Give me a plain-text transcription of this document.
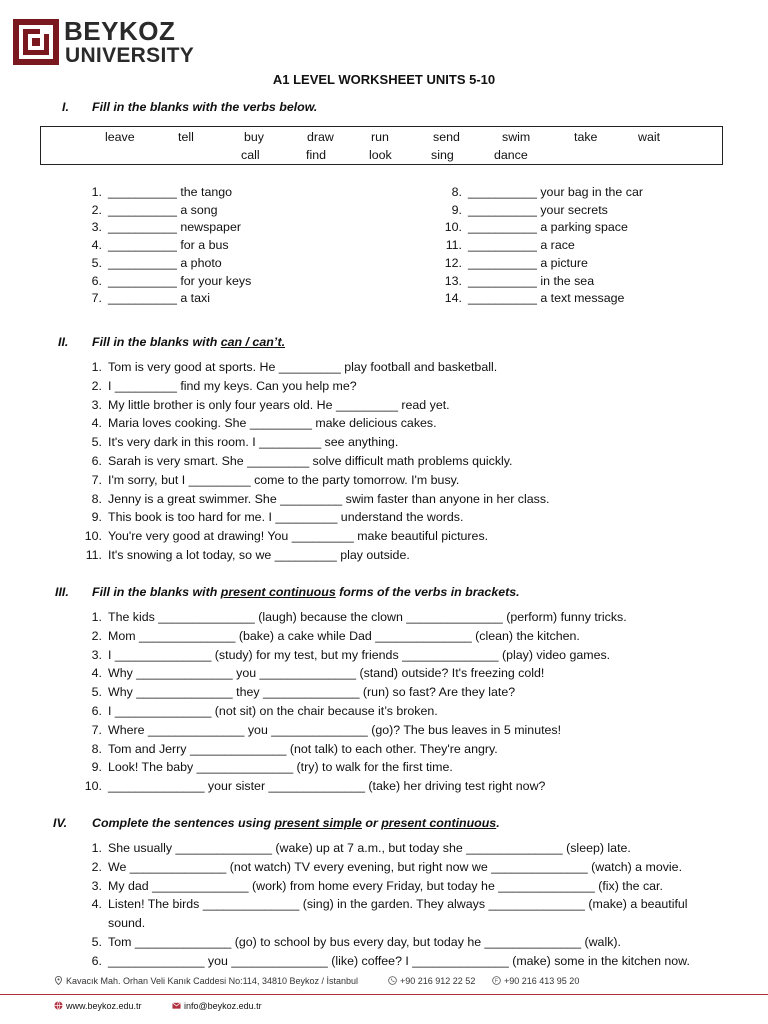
BEYKOZ
UNIVERSITY
A1 LEVEL WORKSHEET UNITS 5-10
I. Fill in the blanks with the verbs below.
leave	tell	buy	draw	run	send	swim	take	wait
call	find	look	sing	dance
1. __________ the tango
2. __________ a song
3. __________ newspaper
4. __________ for a bus
5. __________ a photo
6. __________ for your keys
7. __________ a taxi
8. __________ your bag in the car
9. __________ your secrets
10. __________ a parking space
11. __________ a race
12. __________ a picture
13. __________ in the sea
14. __________ a text message
II. Fill in the blanks with can / can’t.
1. Tom is very good at sports. He _________ play football and basketball.
2. I _________ find my keys. Can you help me?
3. My little brother is only four years old. He _________ read yet.
4. Maria loves cooking. She _________ make delicious cakes.
5. It's very dark in this room. I _________ see anything.
6. Sarah is very smart. She _________ solve difficult math problems quickly.
7. I'm sorry, but I _________ come to the party tomorrow. I'm busy.
8. Jenny is a great swimmer. She _________ swim faster than anyone in her class.
9. This book is too hard for me. I _________ understand the words.
10. You're very good at drawing! You _________ make beautiful pictures.
11. It's snowing a lot today, so we _________ play outside.
III. Fill in the blanks with present continuous forms of the verbs in brackets.
1. The kids ______________ (laugh) because the clown ______________ (perform) funny tricks.
2. Mom ______________ (bake) a cake while Dad ______________ (clean) the kitchen.
3. I ______________ (study) for my test, but my friends ______________ (play) video games.
4. Why ______________ you ______________ (stand) outside? It's freezing cold!
5. Why ______________ they ______________ (run) so fast? Are they late?
6. I ______________ (not sit) on the chair because it’s broken.
7. Where ______________ you ______________ (go)? The bus leaves in 5 minutes!
8. Tom and Jerry ______________ (not talk) to each other. They're angry.
9. Look! The baby ______________ (try) to walk for the first time.
10. ______________ your sister ______________ (take) her driving test right now?
IV. Complete the sentences using present simple or present continuous.
1. She usually ______________ (wake) up at 7 a.m., but today she ______________ (sleep) late.
2. We ______________ (not watch) TV every evening, but right now we ______________ (watch) a movie.
3. My dad ______________ (work) from home every Friday, but today he ______________ (fix) the car.
4. Listen! The birds ______________ (sing) in the garden. They always ______________ (make) a beautiful
sound.
5. Tom ______________ (go) to school by bus every day, but today he ______________ (walk).
6. ______________ you ______________ (like) coffee? I ______________ (make) some in the kitchen now.
Kavacık Mah. Orhan Veli Kanık Caddesi No:114, 34810 Beykoz / İstanbul	+90 216 912 22 52	F +90 216 413 95 20
www.beykoz.edu.tr	info@beykoz.edu.tr
